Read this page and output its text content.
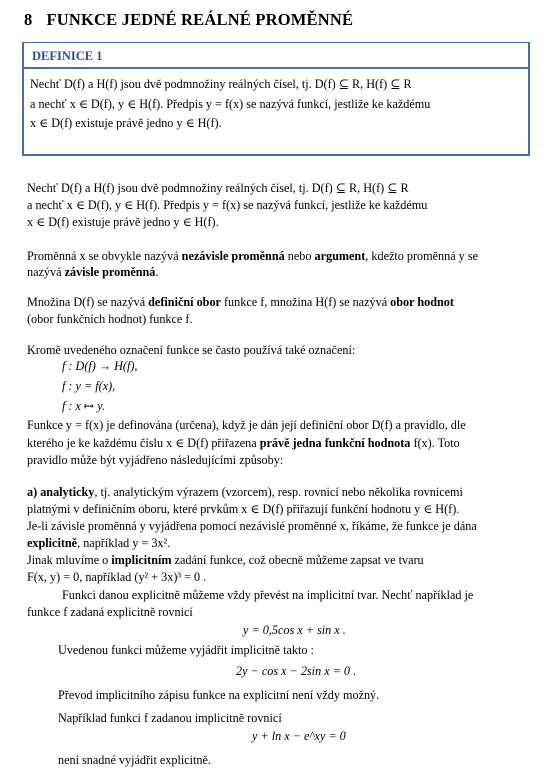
8 FUNKCE JEDNÉ REÁLNÉ PROMĚNNÉ
DEFINICE 1
Nechť D(f) a H(f) jsou dvě podmnožiny reálných čísel, tj. D(f) ⊆ R, H(f) ⊆ R
a nechť x ∈ D(f), y ∈ H(f). Předpis y = f(x) se nazývá funkcí, jestliže ke každému
x ∈ D(f) existuje právě jedno y ∈ H(f).
Nechť D(f) a H(f) jsou dvě podmnožiny reálných čísel, tj. D(f) ⊆ R, H(f) ⊆ R
a nechť x ∈ D(f), y ∈ H(f). Předpis y = f(x) se nazývá funkcí, jestliže ke každému
x ∈ D(f) existuje právě jedno y ∈ H(f).
Proměnná x se obvykle nazývá nezávisle proměnná nebo argument, kdežto proměnná y se
nazývá závisle proměnná.
Množina D(f) se nazývá definiční obor funkce f, množina H(f) se nazývá obor hodnot
(obor funkčních hodnot) funkce f.
Kromě uvedeného označení funkce se často používá také označení:
f : D(f) → H(f),
f : y = f(x),
f : x ↦ y.
Funkce y = f(x) je definována (určena), když je dán její definiční obor D(f) a pravidlo, dle
kterého je ke každému číslu x ∈ D(f) přiřazena právě jedna funkční hodnota f(x). Toto
pravidlo může být vyjádřeno následujícími způsoby:
a) analyticky, tj. analytickým výrazem (vzorcem), resp. rovnicí nebo několika rovnicemi
platnými v definičním oboru, které prvkům x ∈ D(f) přiřazují funkční hodnotu y ∈ H(f).
Je-li závisle proměnná y vyjádřena pomocí nezávislé proměnné x, říkáme, že funkce je dána
explicitně, například y = 3x².
Jinak mluvíme o implicitním zadání funkce, což obecně můžeme zapsat ve tvaru
F(x, y) = 0, například (y² + 3x)³ = 0 .
Funkci danou explicitně můžeme vždy převést na implicitní tvar. Nechť například je
funkce f zadaná explicitně rovnicí
y = 0,5cos x + sin x .
Uvedenou funkci můžeme vyjádřit implicitně takto :
2y − cos x − 2sin x = 0 .
Převod implicitního zápisu funkce na explicitní není vždy možný.
Například funkci f zadanou implicitně rovnicí
y + ln x − e^xy = 0
není snadné vyjádřit explicitně.
